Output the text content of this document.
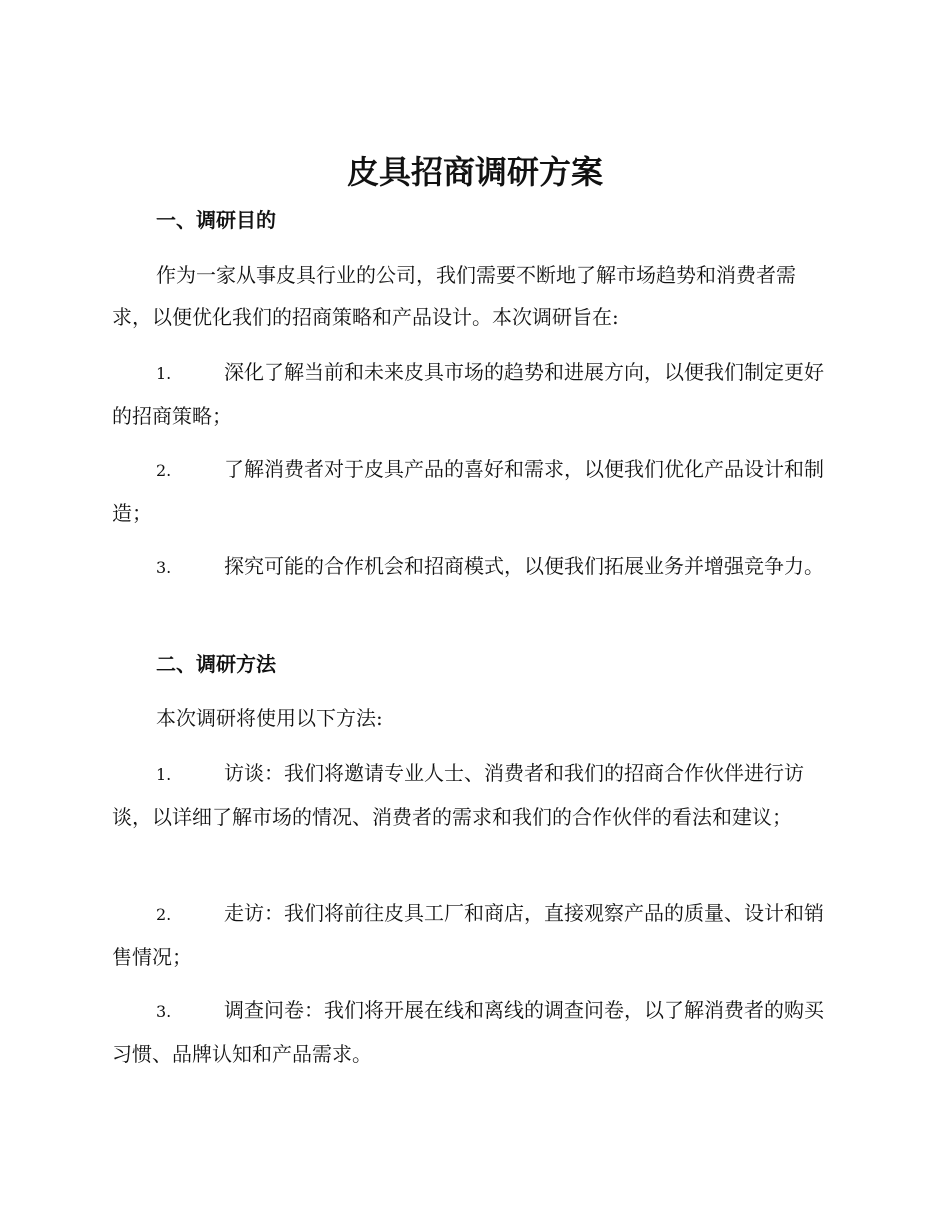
皮具招商调研方案
一、调研目的

作为一家从事皮具行业的公司，我们需要不断地了解市场趋势和消费者需求，以便优化我们的招商策略和产品设计。本次调研旨在:

1.	深化了解当前和未来皮具市场的趋势和进展方向，以便我们制定更好的招商策略；

2.	了解消费者对于皮具产品的喜好和需求，以便我们优化产品设计和制造；

3.	探究可能的合作机会和招商模式，以便我们拓展业务并增强竞争力。

二、调研方法

本次调研将使用以下方法:

1.	访谈：我们将邀请专业人士、消费者和我们的招商合作伙伴进行访谈，以详细了解市场的情况、消费者的需求和我们的合作伙伴的看法和建议；

2.	走访：我们将前往皮具工厂和商店，直接观察产品的质量、设计和销售情况；

3.	调查问卷：我们将开展在线和离线的调查问卷，以了解消费者的购买习惯、品牌认知和产品需求。
